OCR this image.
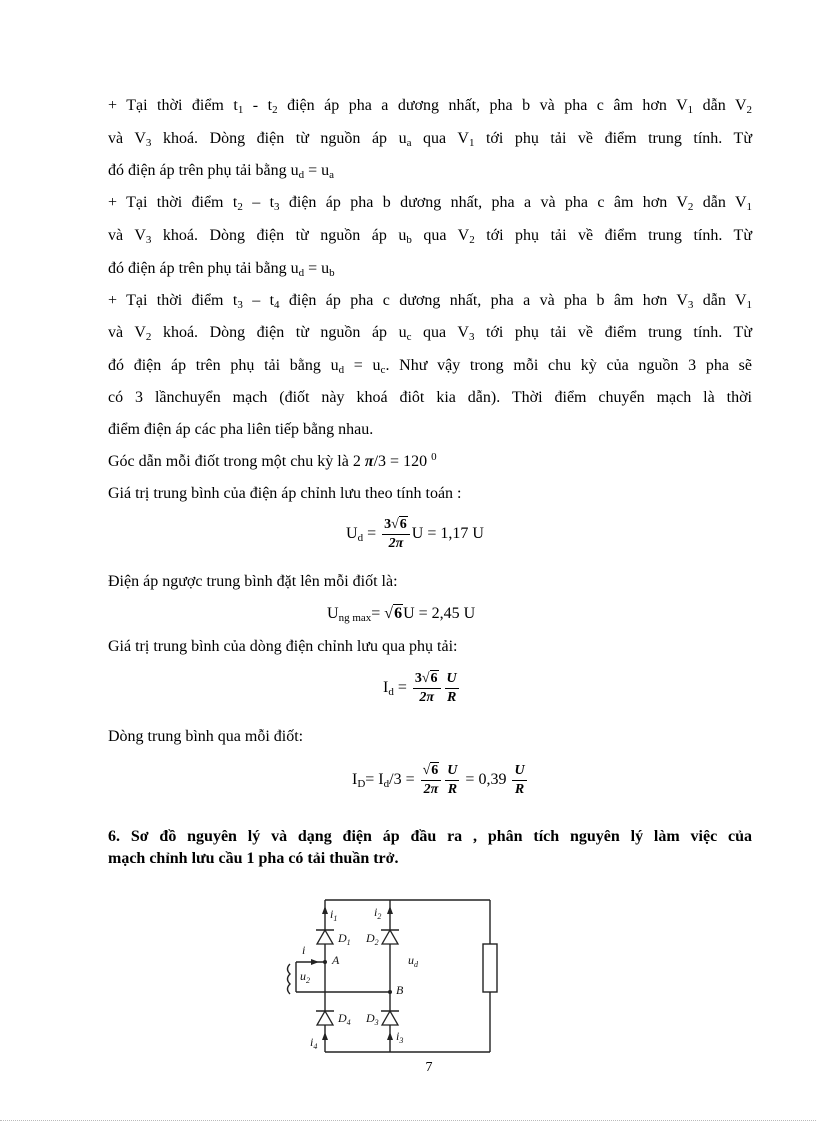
+ Tại thời điểm $t_1 - t_2$ điện áp pha a dương nhất, pha b và pha c âm hơn $V_1$ dẫn $V_2$
và $V_3$ khoá. Dòng điện từ nguồn áp $u_a$ qua $V_1$ tới phụ tải về điểm trung tính. Từ
đó điện áp trên phụ tải bằng $u_d = u_a$
+ Tại thời điểm $t_2 - t_3$ điện áp pha b dương nhất, pha a và pha c âm hơn $V_2$ dẫn $V_1$
và $V_3$ khoá. Dòng điện từ nguồn áp $u_b$ qua $V_2$ tới phụ tải về điểm trung tính. Từ
đó điện áp trên phụ tải bằng $u_d = u_b$
+ Tại thời điểm $t_3 - t_4$ điện áp pha c dương nhất, pha a và pha b âm hơn $V_3$ dẫn $V_1$
và $V_2$ khoá. Dòng điện từ nguồn áp $u_c$ qua $V_3$ tới phụ tải về điểm trung tính. Từ
đó điện áp trên phụ tải bằng $u_d = u_c$. Như vậy trong mỗi chu kỳ của nguồn 3 pha sẽ
có 3 lầnchuyển mạch (điốt này khoá điôt kia dẫn). Thời điểm chuyển mạch là thời
điểm điện áp các pha liên tiếp bằng nhau.
Góc dẫn mỗi điốt trong một chu kỳ là 2 π/3 = 120 $^0$
Giá trị trung bình của điện áp chỉnh lưu theo tính toán :
$U_d = \frac{3√6}{2\pi}$ U = 1,17 U
Điện áp ngược trung bình đặt lên mỗi điốt là:
$U_{ng max}= √6U = 2,45$ U
Giá trị trung bình của dòng điện chỉnh lưu qua phụ tải:
$I_d = \frac{3√6}{2\pi} \frac{U}{R}$
Dòng trung bình qua mỗi điốt:
$I_D= I_d/3 = \frac{√6}{2\pi} \frac{U}{R} = 0,39 \frac{U}{R}$
6. Sơ đồ nguyên lý và dạng điện áp đầu ra , phân tích nguyên lý làm việc của
mạch chỉnh lưu cầu 1 pha có tải thuần trở.
$i_1$	$i_2$
$D_1$ $D_2$
i
A
$u_2$
$u_d$
B
$D_4$ $D_3$
$i_4$
$i_3$
7
